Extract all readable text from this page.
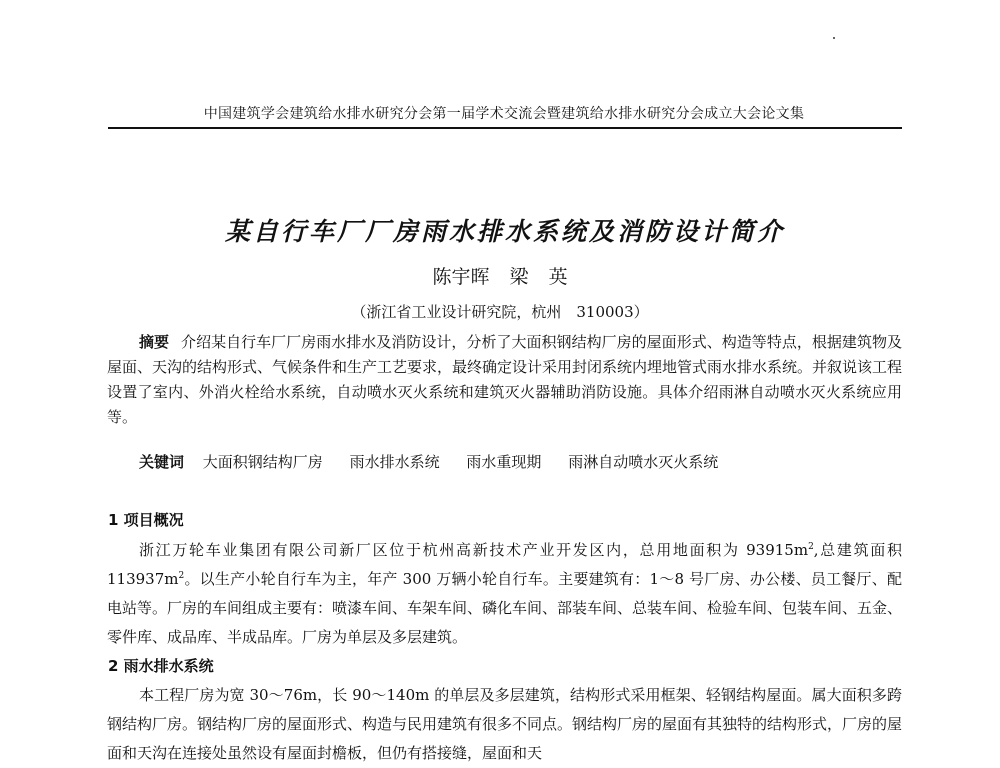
中国建筑学会建筑给水排水研究分会第一届学术交流会暨建筑给水排水研究分会成立大会论文集
某自行车厂厂房雨水排水系统及消防设计简介
陈宇晖 梁 英
（浙江省工业设计研究院，杭州　310003）

摘要 介绍某自行车厂厂房雨水排水及消防设计，分析了大面积钢结构厂房的屋面形式、构造等特点，根据建筑物及屋面、天沟的结构形式、气候条件和生产工艺要求，最终确定设计采用封闭系统内埋地管式雨水排水系统。并叙说该工程设置了室内、外消火栓给水系统，自动喷水灭火系统和建筑灭火器辅助消防设施。具体介绍雨淋自动喷水灭火系统应用等。

关键词 大面积钢结构厂房 雨水排水系统 雨水重现期 雨淋自动喷水灭火系统
1 项目概况

浙江万轮车业集团有限公司新厂区位于杭州高新技术产业开发区内，总用地面积为 $93915m^2$,总建筑面积 $113937m^2$。以生产小轮自行车为主，年产 300 万辆小轮自行车。主要建筑有：1～8 号厂房、办公楼、员工餐厅、配电站等。厂房的车间组成主要有：喷漆车间、车架车间、磷化车间、部装车间、总装车间、检验车间、包装车间、五金、零件库、成品库、半成品库。厂房为单层及多层建筑。

2 雨水排水系统

本工程厂房为宽 30～76m，长 90～140m 的单层及多层建筑，结构形式采用框架、轻钢结构屋面。属大面积多跨钢结构厂房。钢结构厂房的屋面形式、构造与民用建筑有很多不同点。钢结构厂房的屋面有其独特的结构形式，厂房的屋面和天沟在连接处虽然设有屋面封檐板，但仍有搭接缝，屋面和天
